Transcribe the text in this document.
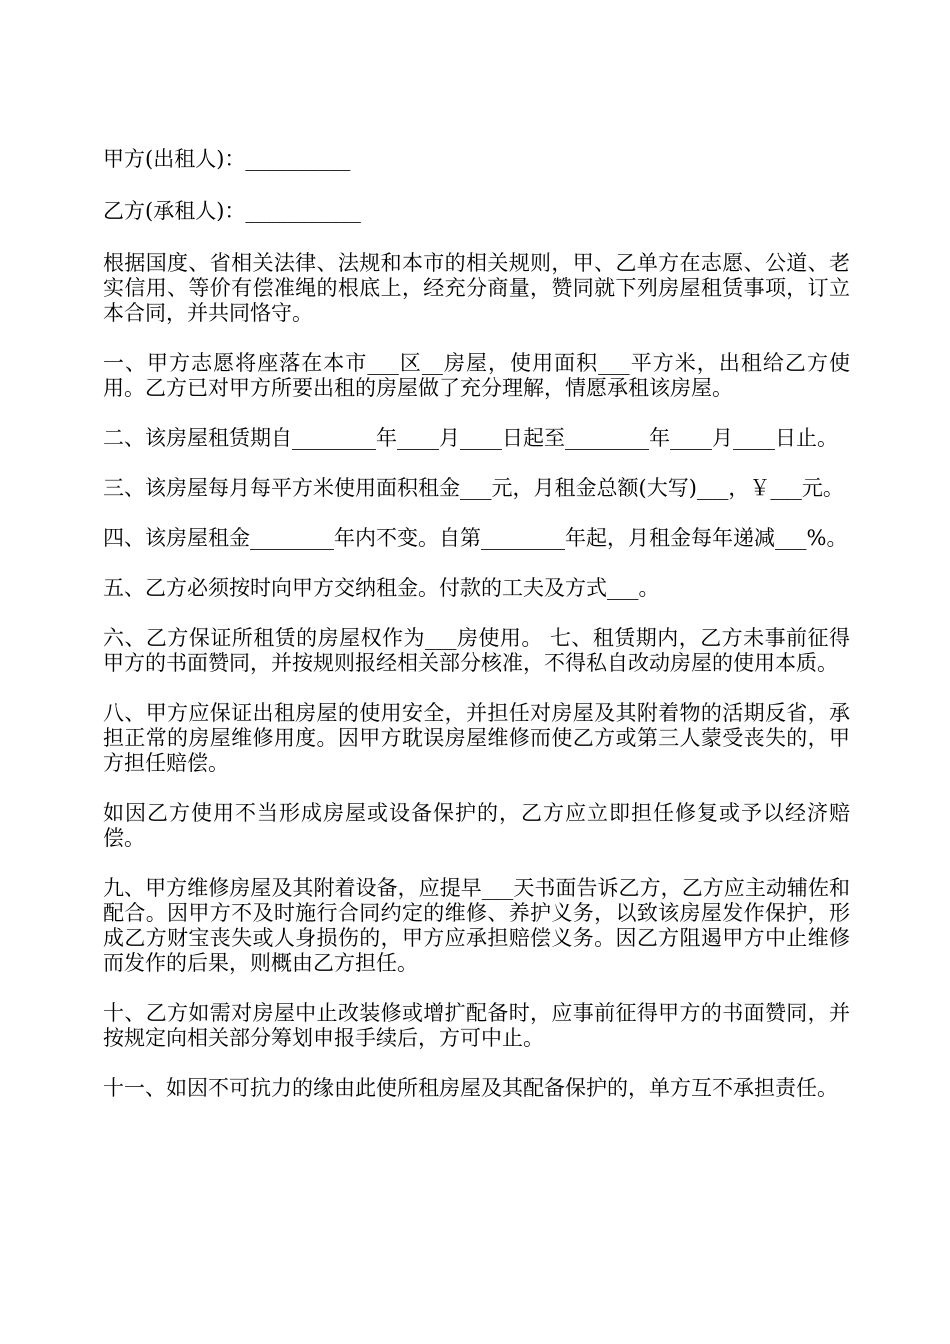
甲方(出租人)：__________

乙方(承租人)：___________

根据国度、省相关法律、法规和本市的相关规则，甲、乙单方在志愿、公道、老实信用、等价有偿准绳的根底上，经充分商量，赞同就下列房屋租赁事项，订立本合同，并共同恪守。

一、甲方志愿将座落在本市___区__房屋，使用面积___平方米，出租给乙方使用。乙方已对甲方所要出租的房屋做了充分理解，情愿承租该房屋。

二、该房屋租赁期自________年____月____日起至________年____月____日止。

三、该房屋每月每平方米使用面积租金___元，月租金总额(大写)___，￥___元。

四、该房屋租金________年内不变。自第________年起，月租金每年递减___%。

五、乙方必须按时向甲方交纳租金。付款的工夫及方式___。

六、乙方保证所租赁的房屋权作为___房使用。 七、租赁期内，乙方未事前征得甲方的书面赞同，并按规则报经相关部分核准，不得私自改动房屋的使用本质。

八、甲方应保证出租房屋的使用安全，并担任对房屋及其附着物的活期反省，承担正常的房屋维修用度。因甲方耽误房屋维修而使乙方或第三人蒙受丧失的，甲方担任赔偿。

如因乙方使用不当形成房屋或设备保护的，乙方应立即担任修复或予以经济赔偿。

九、甲方维修房屋及其附着设备，应提早___天书面告诉乙方，乙方应主动辅佐和配合。因甲方不及时施行合同约定的维修、养护义务，以致该房屋发作保护，形成乙方财宝丧失或人身损伤的，甲方应承担赔偿义务。因乙方阻遏甲方中止维修而发作的后果，则概由乙方担任。

十、乙方如需对房屋中止改装修或增扩配备时，应事前征得甲方的书面赞同，并按规定向相关部分筹划申报手续后，方可中止。

十一、如因不可抗力的缘由此使所租房屋及其配备保护的，单方互不承担责任。
